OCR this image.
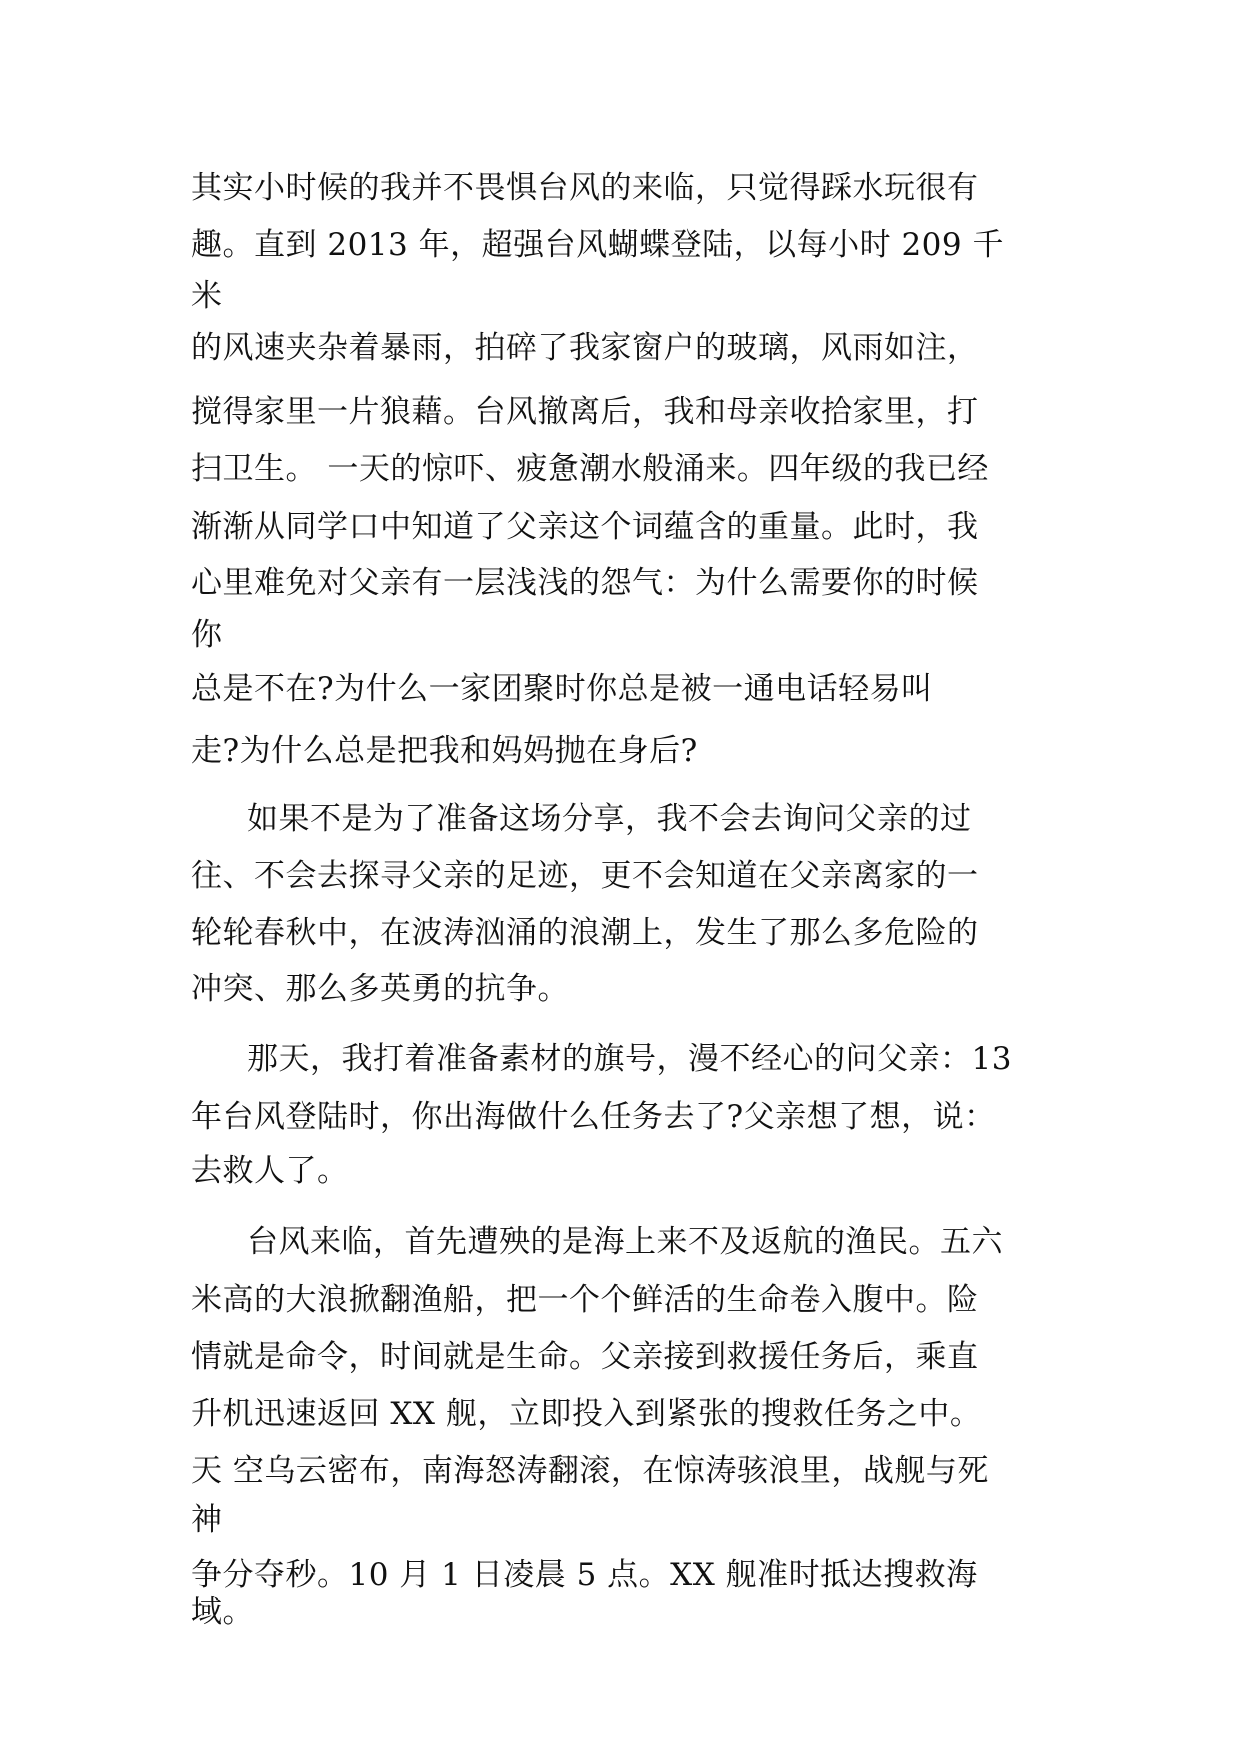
其实小时候的我并不畏惧台风的来临，只觉得踩水玩很有
趣。直到 2013 年，超强台风蝴蝶登陆，以每小时 209 千
米
的风速夹杂着暴雨，拍碎了我家窗户的玻璃，风雨如注，
搅得家里一片狼藉。台风撤离后，我和母亲收拾家里，打
扫卫生。 一天的惊吓、疲惫潮水般涌来。四年级的我已经
渐渐从同学口中知道了父亲这个词蕴含的重量。此时，我
心里难免对父亲有一层浅浅的怨气：为什么需要你的时候
你
总是不在?为什么一家团聚时你总是被一通电话轻易叫
走?为什么总是把我和妈妈抛在身后?
如果不是为了准备这场分享，我不会去询问父亲的过
往、不会去探寻父亲的足迹，更不会知道在父亲离家的一
轮轮春秋中，在波涛汹涌的浪潮上，发生了那么多危险的
冲突、那么多英勇的抗争。
那天，我打着准备素材的旗号，漫不经心的问父亲：13
年台风登陆时，你出海做什么任务去了?父亲想了想，说：
去救人了。
台风来临，首先遭殃的是海上来不及返航的渔民。五六
米高的大浪掀翻渔船，把一个个鲜活的生命卷入腹中。险
情就是命令，时间就是生命。父亲接到救援任务后，乘直
升机迅速返回 XX 舰，立即投入到紧张的搜救任务之中。
天 空乌云密布，南海怒涛翻滚，在惊涛骇浪里，战舰与死
神
争分夺秒。10 月 1 日凌晨 5 点。XX 舰准时抵达搜救海
域。
